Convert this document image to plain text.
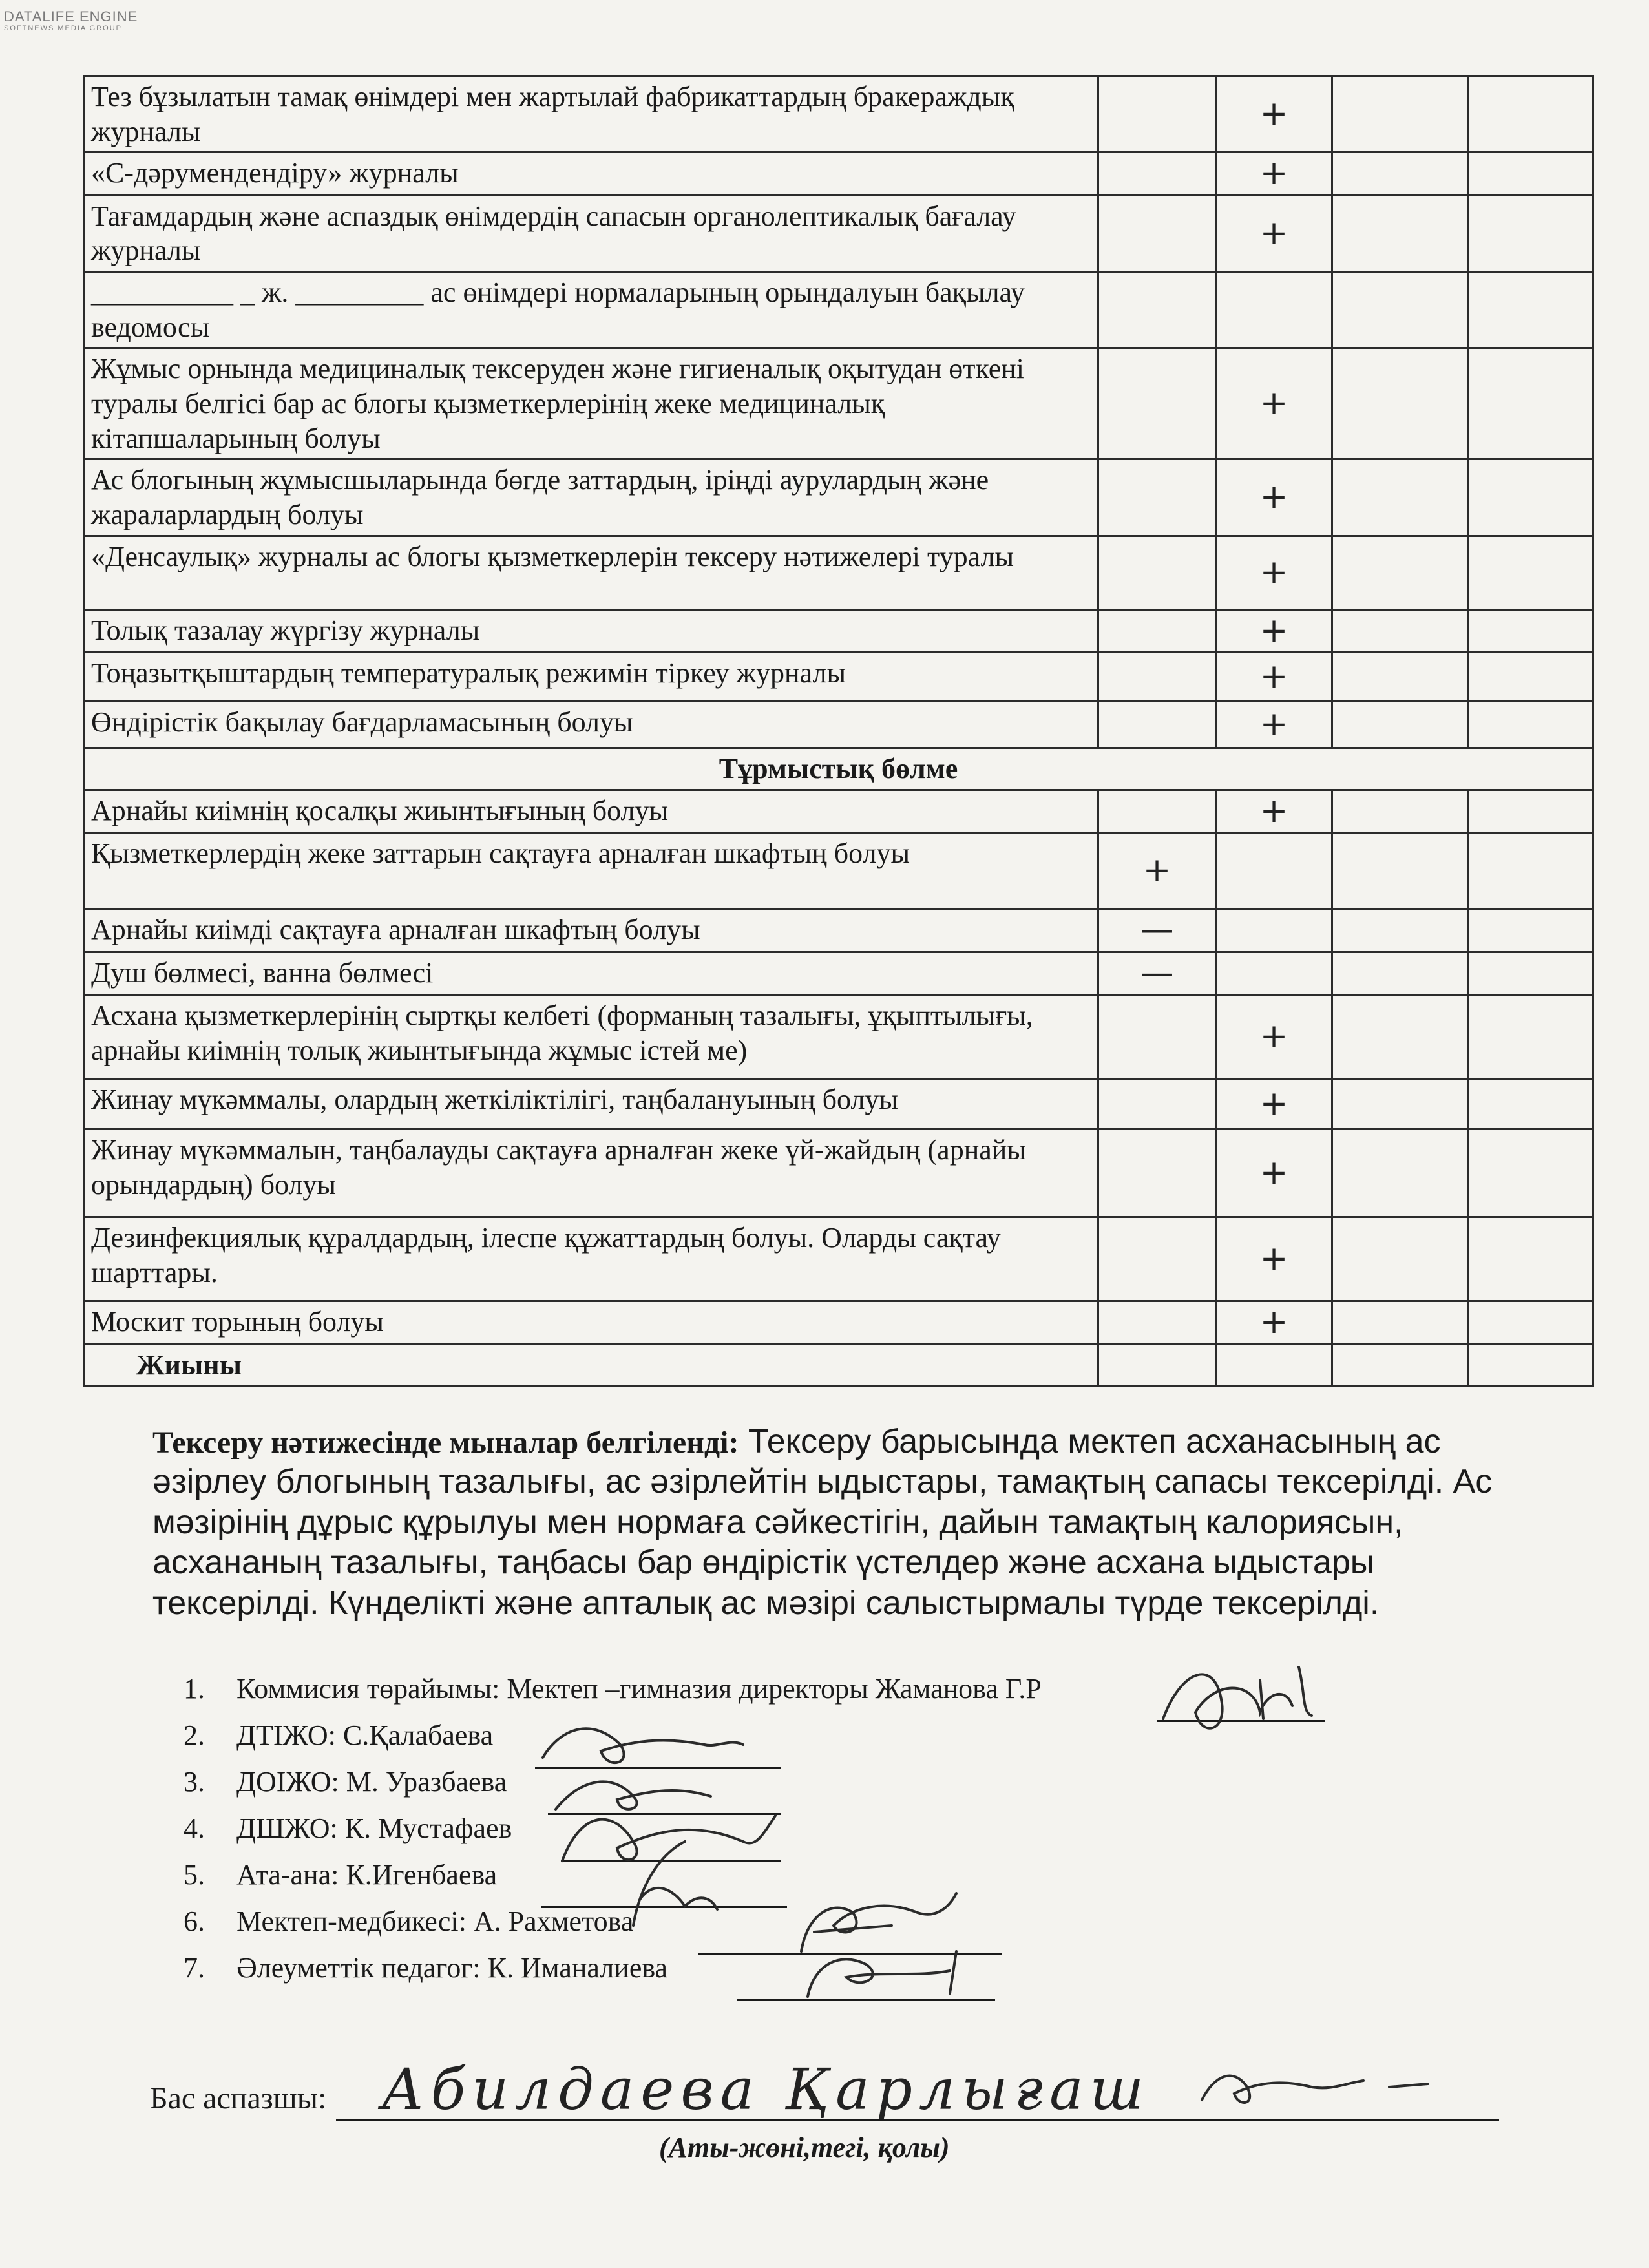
DATALIFE ENGINE
SOFTNEWS MEDIA GROUP
Тез бұзылатын тамақ өнімдері мен жартылай фабрикаттардың бракераждық журналы		+		
«С-дәрумендендіру» журналы		+		
Тағамдардың және аспаздық өнімдердің сапасын органолептикалық бағалау журналы		+		
__________ _ ж. _________ ас өнімдері нормаларының орындалуын бақылау ведомосы				
Жұмыс орнында медициналық тексеруден және гигиеналық оқытудан өткені туралы белгісі бар ас блогы қызметкерлерінің жеке медициналық кітапшаларының болуы		+		
Ас блогының жұмысшыларында бөгде заттардың, іріңді аурулардың және жараларлардың болуы		+		
«Денсаулық» журналы ас блогы қызметкерлерін тексеру нәтижелері туралы		+		
Толық тазалау жүргізу журналы		+		
Тоңазытқыштардың температуралық режимін тіркеу журналы		+		
Өндірістік бақылау бағдарламасының болуы		+		
Тұрмыстық бөлме				
Арнайы киімнің қосалқы жиынтығының болуы		+		
Қызметкерлердің жеке заттарын сақтауға арналған шкафтың болуы	+			
Арнайы киімді сақтауға арналған шкафтың болуы	—			
Душ бөлмесі, ванна бөлмесі	—			
Асхана қызметкерлерінің сыртқы келбеті (форманың тазалығы, ұқыптылығы, арнайы киімнің толық жиынтығында жұмыс істей ме)		+		
Жинау мүкәммалы, олардың жеткіліктілігі, таңбалануының болуы		+		
Жинау мүкәммалын, таңбалауды сақтауға арналған жеке үй-жайдың (арнайы орындардың) болуы		+		
Дезинфекциялық құралдардың, ілеспе құжаттардың болуы. Оларды сақтау шарттары.		+		
Москит торының болуы		+		
Жиыны				
Тексеру нәтижесінде мыналар белгіленді: Тексеру барысында мектеп асханасының ас әзірлеу блогының тазалығы, ас әзірлейтін ыдыстары, тамақтың сапасы тексерілді. Ас мәзірінің дұрыс құрылуы мен нормаға сәйкестігін, дайын тамақтың калориясын, асхананың тазалығы, таңбасы бар өндірістік үстелдер және асхана ыдыстары тексерілді. Күнделікті және апталық ас мәзірі салыстырмалы түрде тексерілді.
1.	Коммисия төрайымы: Мектеп –гимназия директоры Жаманова Г.Р
2.	ДТІЖО: С.Қалабаева
3.	ДОІЖО: М. Уразбаева
4.	ДШЖО: К. Мустафаев
5.	Ата-ана: К.Игенбаева
6.	Мектеп-медбикесі: А. Рахметова
7.	Әлеуметтік педагог: К. Иманалиева
Бас аспазшы: Абилдаева Қарлығаш
(Аты-жөні,тегі, қолы)
